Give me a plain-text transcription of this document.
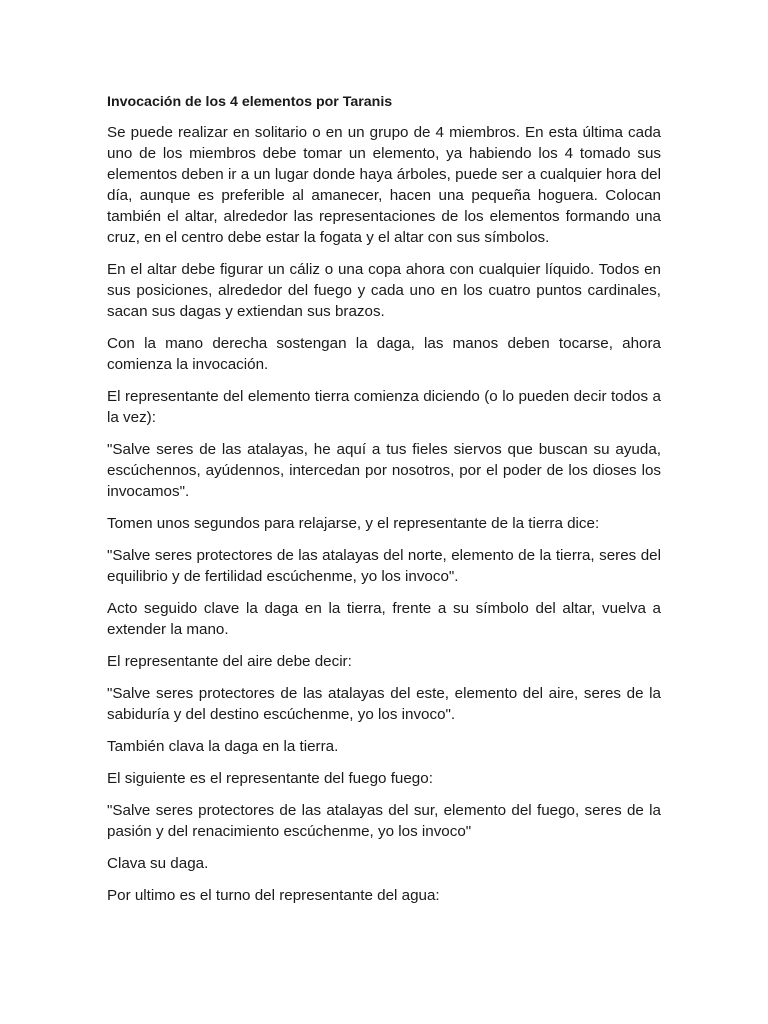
Invocación de los 4 elementos por Taranis

Se puede realizar en solitario o en un grupo de 4 miembros. En esta última cada uno de los miembros debe tomar un elemento, ya habiendo los 4 tomado sus elementos deben ir a un lugar donde haya árboles, puede ser a cualquier hora del día, aunque es preferible al amanecer, hacen una pequeña hoguera. Colocan también el altar, alrededor las representaciones de los elementos formando una cruz, en el centro debe estar la fogata y el altar con sus símbolos.

En el altar debe figurar un cáliz o una copa ahora con cualquier líquido. Todos en sus posiciones, alrededor del fuego y cada uno en los cuatro puntos cardinales, sacan sus dagas y extiendan sus brazos.

Con la mano derecha sostengan la daga, las manos deben tocarse, ahora comienza la invocación.

El representante del elemento tierra comienza diciendo (o lo pueden decir todos a la vez):

"Salve seres de las atalayas, he aquí a tus fieles siervos que buscan su ayuda, escúchennos, ayúdennos, intercedan por nosotros, por el poder de los dioses los invocamos".

Tomen unos segundos para relajarse, y el representante de la tierra dice:

"Salve seres protectores de las atalayas del norte, elemento de la tierra, seres del equilibrio y de fertilidad escúchenme, yo los invoco".

Acto seguido clave la daga en la tierra, frente a su símbolo del altar, vuelva a extender la mano.

El representante del aire debe decir:

"Salve seres protectores de las atalayas del este, elemento del aire, seres de la sabiduría y del destino escúchenme, yo los invoco".

También clava la daga en la tierra.

El siguiente es el representante del fuego fuego:

"Salve seres protectores de las atalayas del sur, elemento del fuego, seres de la pasión y del renacimiento escúchenme, yo los invoco"

Clava su daga.

Por ultimo es el turno del representante del agua:
